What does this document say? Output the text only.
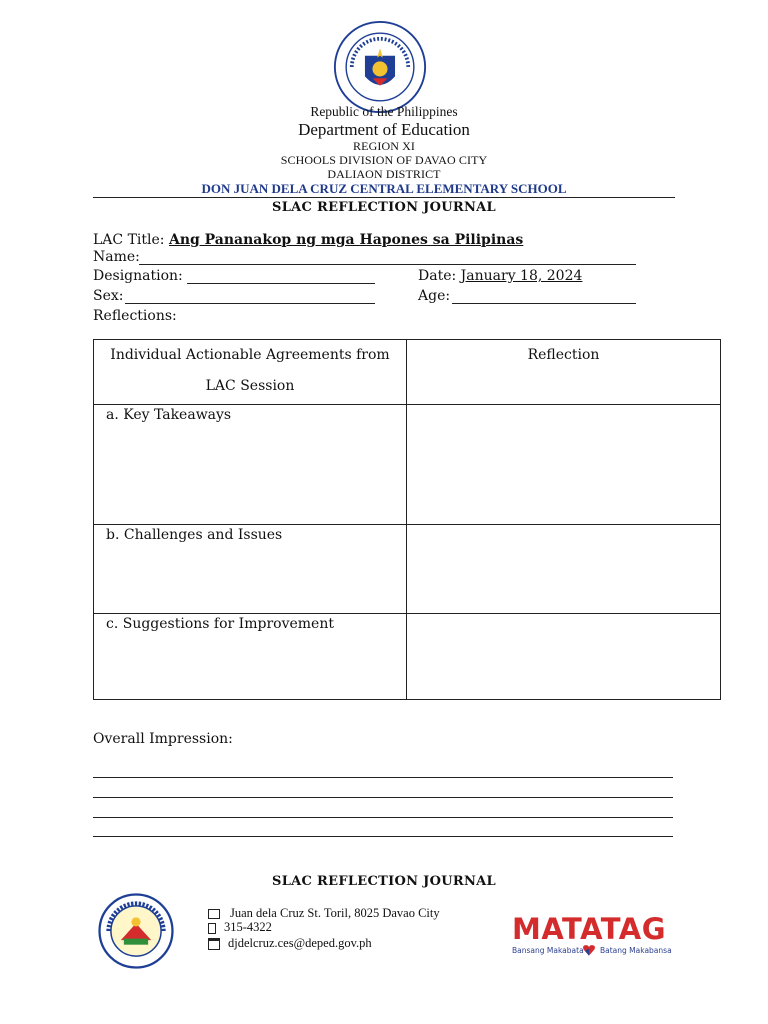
Republic of the Philippines
Department of Education
REGION XI
SCHOOLS DIVISION OF DAVAO CITY
DALIAON DISTRICT
DON JUAN DELA CRUZ CENTRAL ELEMENTARY SCHOOL
SLAC REFLECTION JOURNAL
LAC Title: Ang Pananakop ng mga Hapones sa Pilipinas
Name:
Designation:	Date: January 18, 2024
Sex:	Age:
Reflections:
Individual Actionable Agreements from
LAC Session	Reflection

a. Key Takeaways	
b. Challenges and Issues	
c. Suggestions for Improvement	
Overall Impression:
SLAC REFLECTION JOURNAL
Juan dela Cruz St. Toril, 8025 Davao City
315-4322
djdelcruz.ces@deped.gov.ph	MATATAG
Bansang Makabata Batang Makabansa
